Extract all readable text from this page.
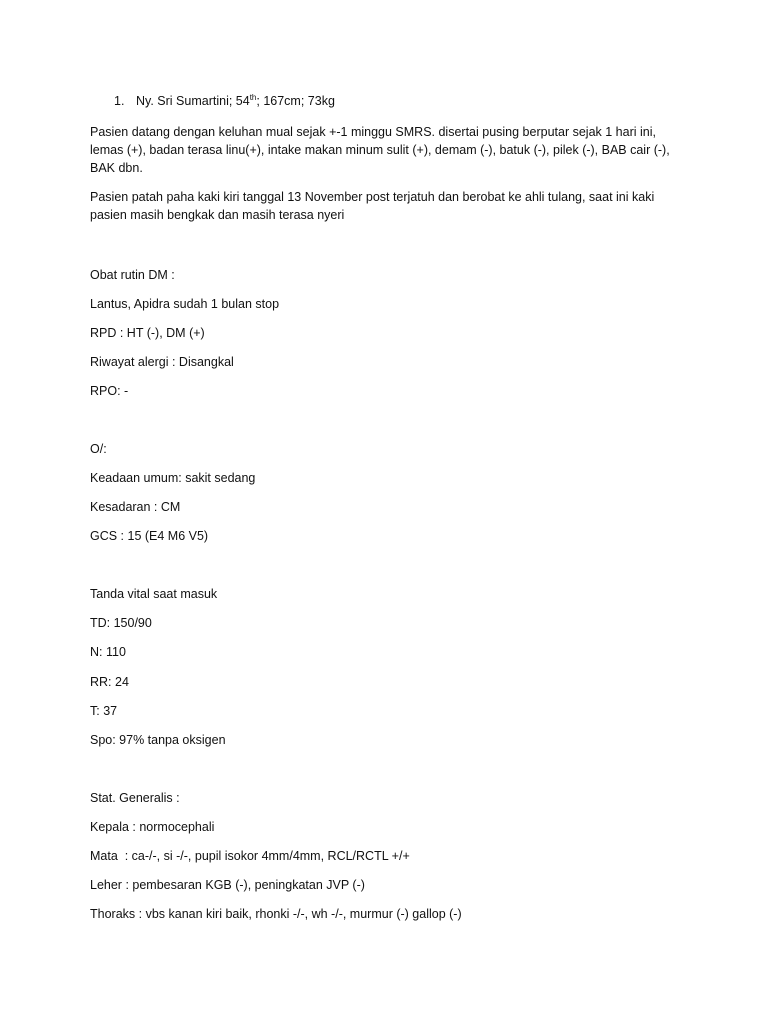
1. Ny. Sri Sumartini; 54th; 167cm; 73kg
Pasien datang dengan keluhan mual sejak +-1 minggu SMRS. disertai pusing berputar sejak 1 hari ini, lemas (+), badan terasa linu(+), intake makan minum sulit (+), demam (-), batuk (-), pilek (-), BAB cair (-), BAK dbn.
Pasien patah paha kaki kiri tanggal 13 November post terjatuh dan berobat ke ahli tulang, saat ini kaki pasien masih bengkak dan masih terasa nyeri
Obat rutin DM :
Lantus, Apidra sudah 1 bulan stop
RPD : HT (-), DM (+)
Riwayat alergi : Disangkal
RPO: -
O/:
Keadaan umum: sakit sedang
Kesadaran : CM
GCS : 15 (E4 M6 V5)
Tanda vital saat masuk
TD: 150/90
N: 110
RR: 24
T: 37
Spo: 97% tanpa oksigen
Stat. Generalis :
Kepala : normocephali
Mata  : ca-/-, si -/-, pupil isokor 4mm/4mm, RCL/RCTL +/+
Leher : pembesaran KGB (-), peningkatan JVP (-)
Thoraks : vbs kanan kiri baik, rhonki -/-, wh -/-, murmur (-) gallop (-)
